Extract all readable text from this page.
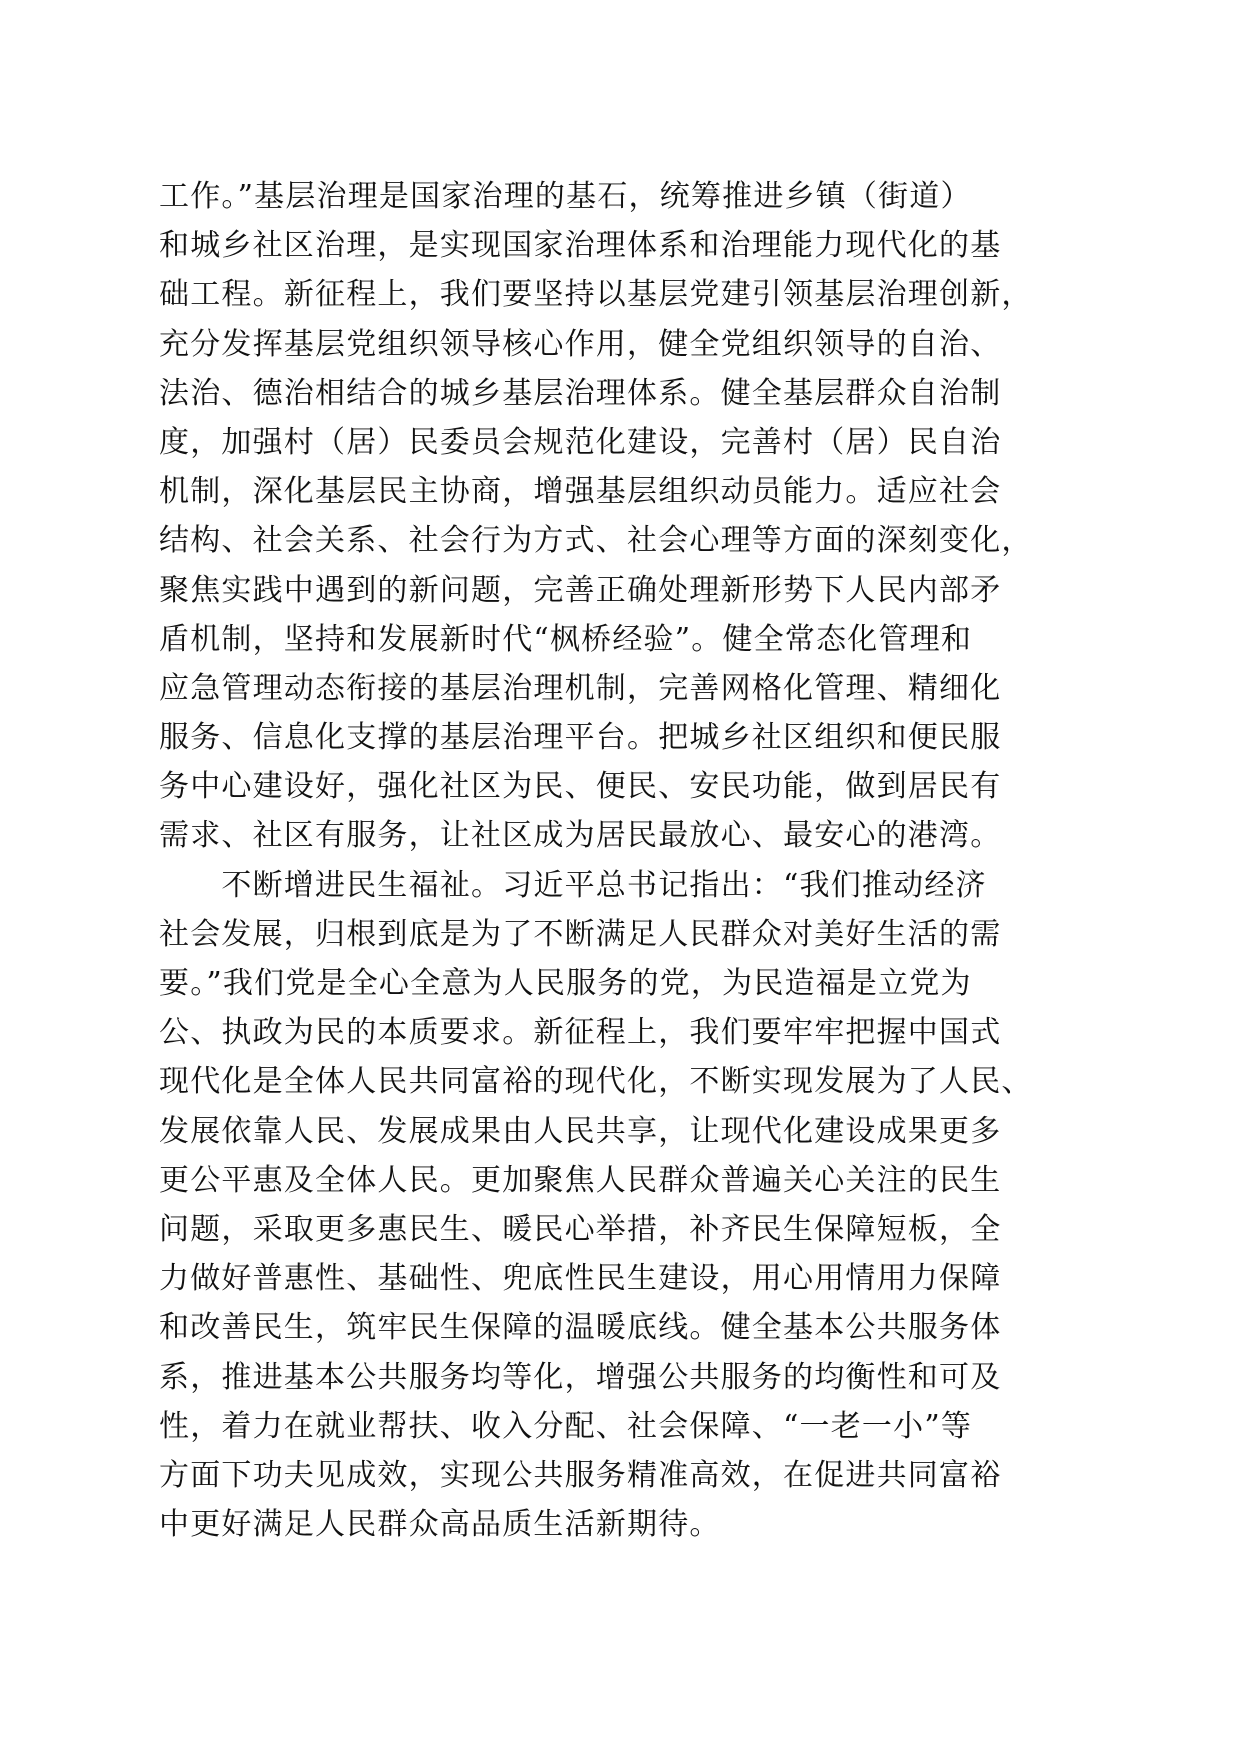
工作。”基层治理是国家治理的基石，统筹推进乡镇（街道）
和城乡社区治理，是实现国家治理体系和治理能力现代化的基
础工程。新征程上，我们要坚持以基层党建引领基层治理创新，
充分发挥基层党组织领导核心作用，健全党组织领导的自治、
法治、德治相结合的城乡基层治理体系。健全基层群众自治制
度，加强村（居）民委员会规范化建设，完善村（居）民自治
机制，深化基层民主协商，增强基层组织动员能力。适应社会
结构、社会关系、社会行为方式、社会心理等方面的深刻变化，
聚焦实践中遇到的新问题，完善正确处理新形势下人民内部矛
盾机制，坚持和发展新时代“枫桥经验”。健全常态化管理和
应急管理动态衔接的基层治理机制，完善网格化管理、精细化
服务、信息化支撑的基层治理平台。把城乡社区组织和便民服
务中心建设好，强化社区为民、便民、安民功能，做到居民有
需求、社区有服务，让社区成为居民最放心、最安心的港湾。
　　不断增进民生福祉。习近平总书记指出：“我们推动经济
社会发展，归根到底是为了不断满足人民群众对美好生活的需
要。”我们党是全心全意为人民服务的党，为民造福是立党为
公、执政为民的本质要求。新征程上，我们要牢牢把握中国式
现代化是全体人民共同富裕的现代化，不断实现发展为了人民、
发展依靠人民、发展成果由人民共享，让现代化建设成果更多
更公平惠及全体人民。更加聚焦人民群众普遍关心关注的民生
问题，采取更多惠民生、暖民心举措，补齐民生保障短板，全
力做好普惠性、基础性、兜底性民生建设，用心用情用力保障
和改善民生，筑牢民生保障的温暖底线。健全基本公共服务体
系，推进基本公共服务均等化，增强公共服务的均衡性和可及
性，着力在就业帮扶、收入分配、社会保障、“一老一小”等
方面下功夫见成效，实现公共服务精准高效，在促进共同富裕
中更好满足人民群众高品质生活新期待。
